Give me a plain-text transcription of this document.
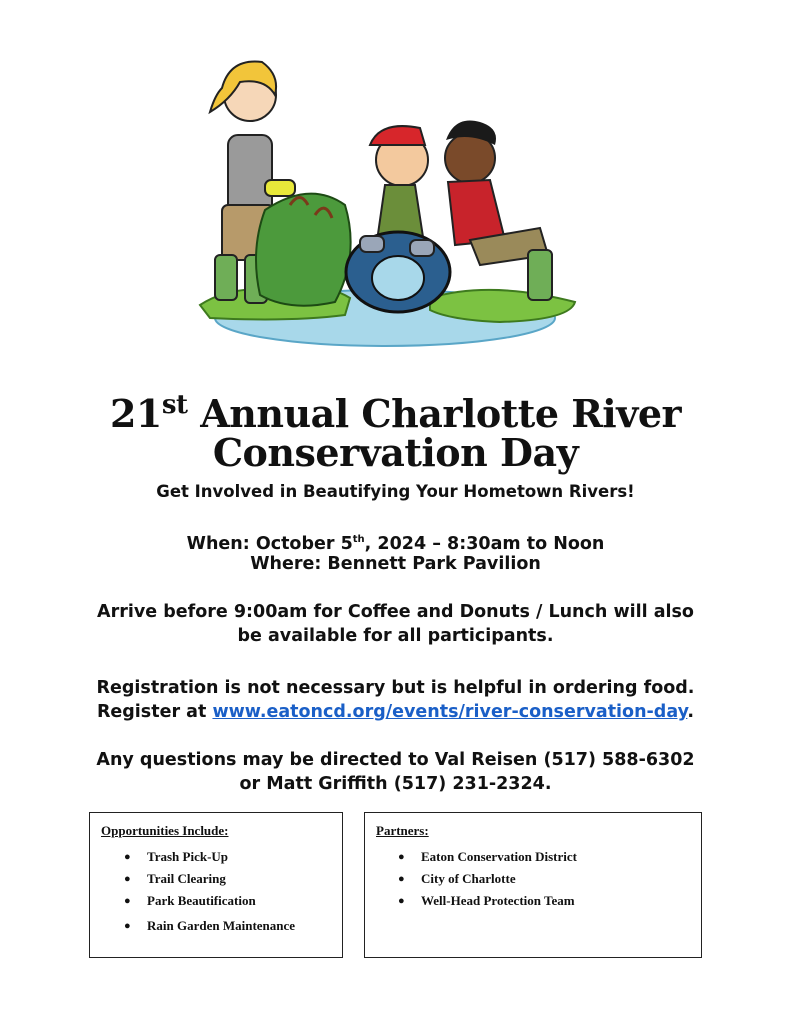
21st Annual Charlotte River
Conservation Day
Get Involved in Beautifying Your Hometown Rivers!
When: October 5th, 2024 – 8:30am to Noon
Where: Bennett Park Pavilion
Arrive before 9:00am for Coffee and Donuts / Lunch will also
be available for all participants.
Registration is not necessary but is helpful in ordering food.
Register at www.eatoncd.org/events/river-conservation-day.
Any questions may be directed to Val Reisen (517) 588-6302
or Matt Griffith (517) 231-2324.
Opportunities Include:
● Trash Pick-Up
● Trail Clearing
● Park Beautification
● Rain Garden Maintenance
Partners:
● Eaton Conservation District
● City of Charlotte
● Well-Head Protection Team
